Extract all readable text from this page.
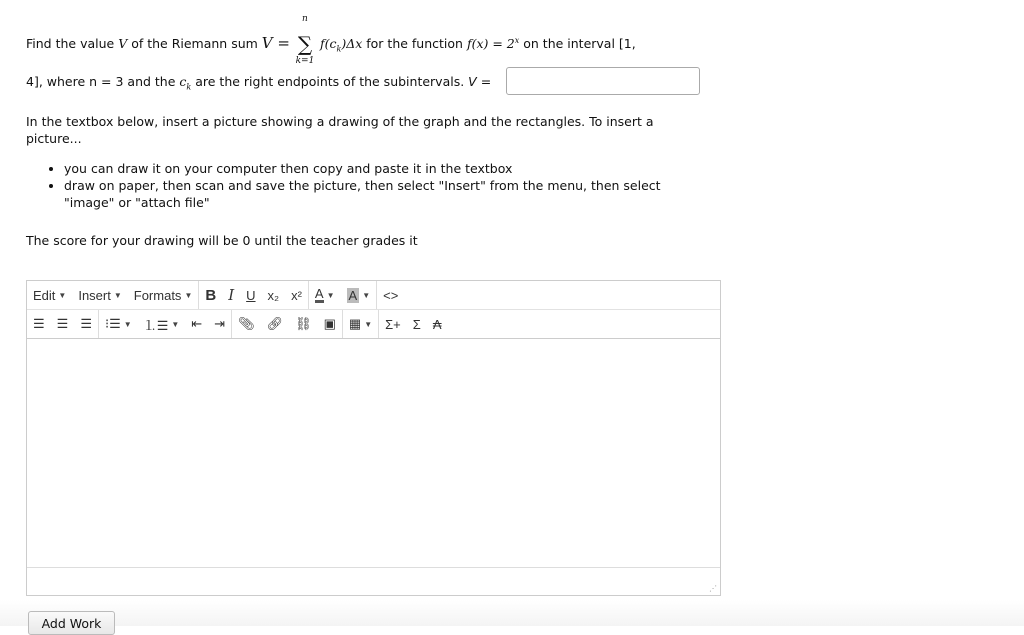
Find the value V of the Riemann sum V = ∑
n
k=1
$f(c_k)\Delta x$ for the function $f(x) = 2^x$ on the interval [1,
4], where n = 3 and the $c_k$ are the right endpoints of the subintervals. V =
In the textbox below, insert a picture showing a drawing of the graph and the rectangles. To insert a picture...
• you can draw it on your computer then copy and paste it in the textbox
• draw on paper, then scan and save the picture, then select "Insert" from the menu, then select "image" or "attach file"
The score for your drawing will be 0 until the teacher grades it
Edit ▼ Insert ▼ Formats ▼ B I U x₂ x²	A ▼ A ▼	<>
☰ ☰ ☰	⁝☰ ▼ ⒈☰ ▼ ⇤ ⇥	📎︎ 🔗︎ ⛓︎ ▣	▦ ▼	Σ+ Σ ₳
⋰
Add Work
